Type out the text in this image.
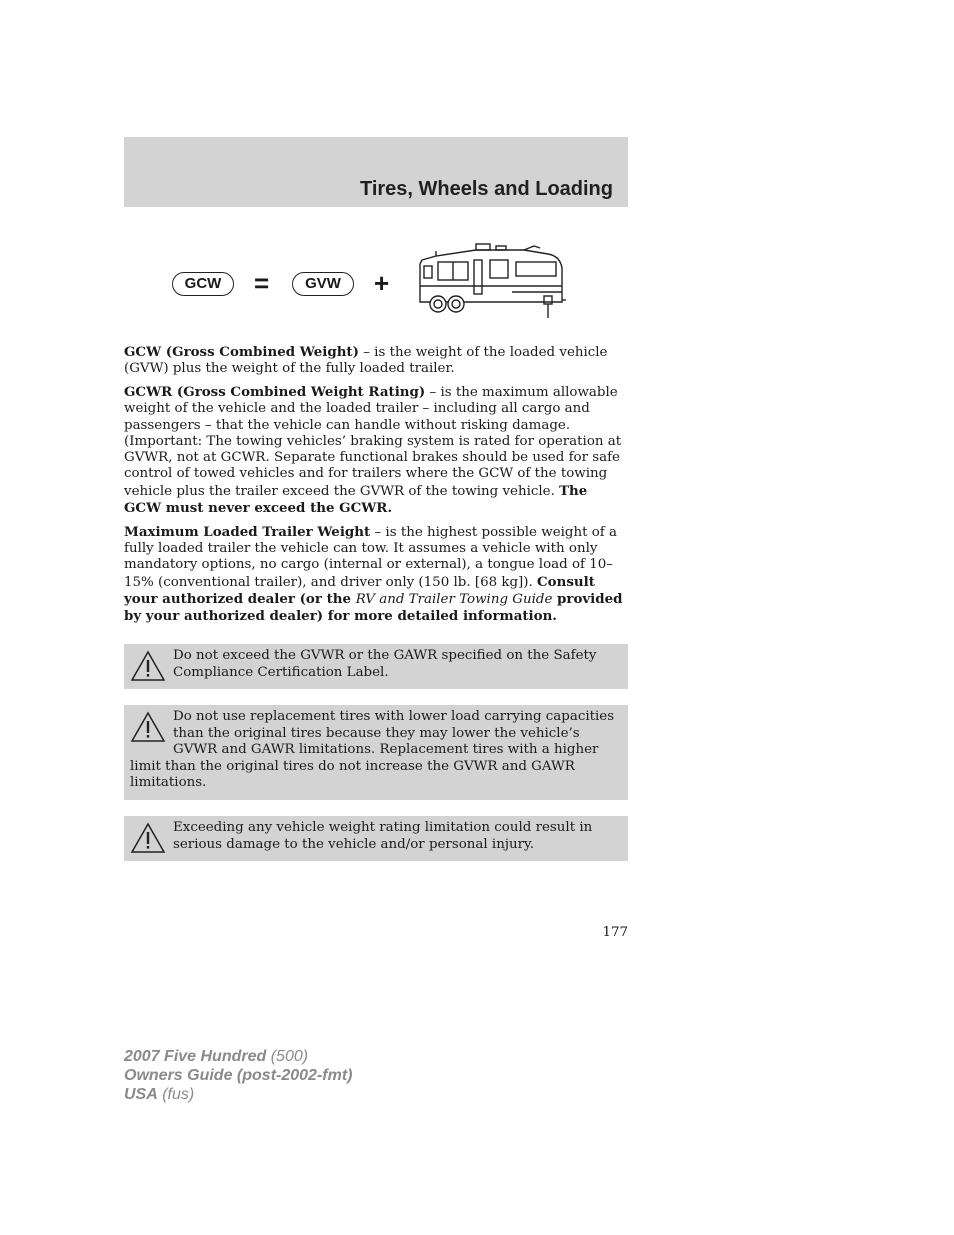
Tires, Wheels and Loading
GCW	=	GVW	+

GCW (Gross Combined Weight) – is the weight of the loaded vehicle (GVW) plus the weight of the fully loaded trailer.

GCWR (Gross Combined Weight Rating) – is the maximum allowable weight of the vehicle and the loaded trailer – including all cargo and passengers – that the vehicle can handle without risking damage. (Important: The towing vehicles’ braking system is rated for operation at GVWR, not at GCWR. Separate functional brakes should be used for safe control of towed vehicles and for trailers where the GCW of the towing vehicle plus the trailer exceed the GVWR of the towing vehicle. The GCW must never exceed the GCWR.

Maximum Loaded Trailer Weight – is the highest possible weight of a fully loaded trailer the vehicle can tow. It assumes a vehicle with only mandatory options, no cargo (internal or external), a tongue load of 10–15% (conventional trailer), and driver only (150 lb. [68 kg]). Consult your authorized dealer (or the RV and Trailer Towing Guide provided by your authorized dealer) for more detailed information.

Do not exceed the GVWR or the GAWR specified on the Safety Compliance Certification Label.
Do not use replacement tires with lower load carrying capacities than the original tires because they may lower the vehicle’s GVWR and GAWR limitations. Replacement tires with a higher limit than the original tires do not increase the GVWR and GAWR limitations.
Exceeding any vehicle weight rating limitation could result in serious damage to the vehicle and/or personal injury.
177
2007 Five Hundred (500)
Owners Guide (post-2002-fmt)
USA (fus)
